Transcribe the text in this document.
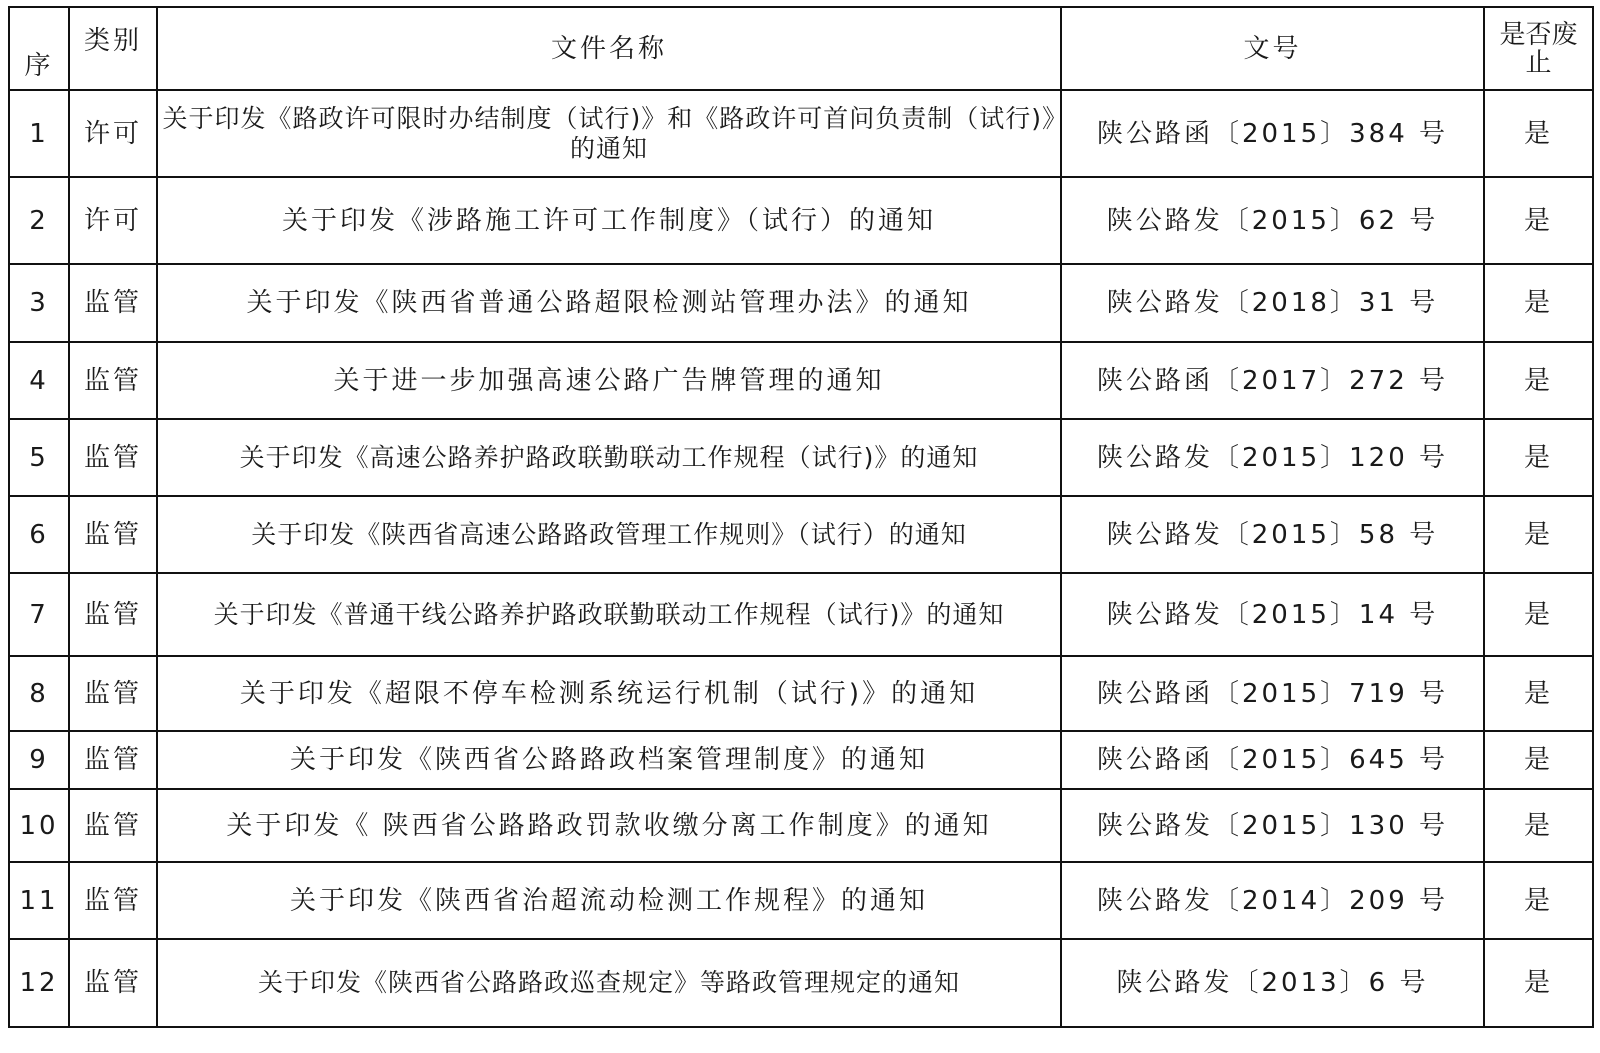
序	类别	文件名称	文号	是否废止
1	许可	关于印发《路政许可限时办结制度（试行)》和《路政许可首问负责制（试行)》的通知	陕公路函〔2015〕384 号	是
2	许可	关于印发《涉路施工许可工作制度》（试行）的通知	陕公路发〔2015〕62 号	是
3	监管	关于印发《陕西省普通公路超限检测站管理办法》的通知	陕公路发〔2018〕31 号	是
4	监管	关于进一步加强高速公路广告牌管理的通知	陕公路函〔2017〕272 号	是
5	监管	关于印发《高速公路养护路政联勤联动工作规程（试行)》的通知	陕公路发〔2015〕120 号	是
6	监管	关于印发《陕西省高速公路路政管理工作规则》（试行）的通知	陕公路发〔2015〕58 号	是
7	监管	关于印发《普通干线公路养护路政联勤联动工作规程（试行)》的通知	陕公路发〔2015〕14 号	是
8	监管	关于印发《超限不停车检测系统运行机制（试行)》的通知	陕公路函〔2015〕719 号	是
9	监管	关于印发《陕西省公路路政档案管理制度》的通知	陕公路函〔2015〕645 号	是
10	监管	关于印发《 陕西省公路路政罚款收缴分离工作制度》的通知	陕公路发〔2015〕130 号	是
11	监管	关于印发《陕西省治超流动检测工作规程》的通知	陕公路发〔2014〕209 号	是
12	监管	关于印发《陕西省公路路政巡查规定》等路政管理规定的通知	陕公路发〔2013〕6 号	是
